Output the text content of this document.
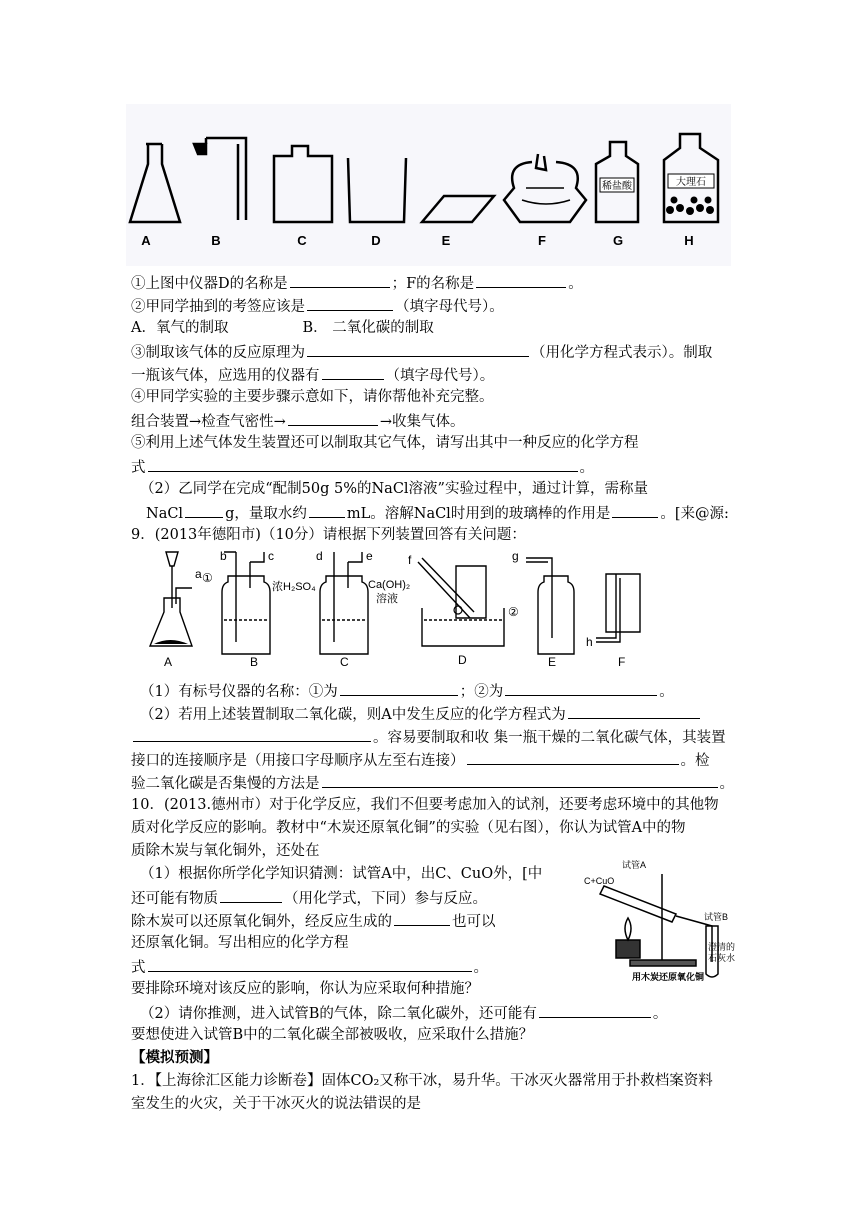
稀盐酸	大理石
A	B	C	D	E	F	G	H
①上图中仪器D的名称是	；F的名称是	。
②甲同学抽到的考签应该是	（填字母代号）。
A．氧气的制取	B． 二氧化碳的制取
③制取该气体的反应原理为	（用化学方程式表示）。制取
一瓶该气体，应选用的仪器有	（填字母代号）。
④甲同学实验的主要步骤示意如下，请你帮他补充完整。
组合装置→检查气密性→	→收集气体。
⑤利用上述气体发生装置还可以制取其它气体，请写出其中一种反应的化学方程
式	。
（2）乙同学在完成“配制50g 5%的NaCl溶液”实验过程中，通过计算，需称量
NaCl	g，量取水约	mL。溶解NaCl时用到的玻璃棒的作用是	。[来@源:
9．(2013年德阳市)（10分）请根据下列装置回答有关问题：
①
②
a
b	c	d	e	f	g
h
浓H₂SO₄	Ca(OH)₂
溶液
A	B	C	D	E	F
（1）有标号仪器的名称：①为	；②为	。
（2）若用上述装置制取二氧化碳，则A中发生反应的化学方程式为
。容易要制取和收 集一瓶干燥的二氧化碳气体，其装置
接口的连接顺序是（用接口字母顺序从左至右连接）	。检
验二氧化碳是否集慢的方法是	。
10．(2013.德州市）对于化学反应，我们不但要考虑加入的试剂，还要考虑环境中的其他物
质对化学反应的影响。教材中“木炭还原氧化铜”的实验（见右图），你认为试管A中的物
质除木炭与氧化铜外，还处在
（1）根据你所学化学知识猜测：试管A中，出C、CuO外，[中
还可能有物质	（用化学式，下同）参与反应。
除木炭可以还原氧化铜外，经反应生成的	也可以
还原氧化铜。写出相应的化学方程
式	。
要排除环境对该反应的影响，你认为应采取何种措施？
（2）请你推测，进入试管B的气体，除二氧化碳外，还可能有	。
要想使进入试管B中的二氧化碳全部被吸收，应采取什么措施？
C+CuO
试管A
试管B
澄清的
石灰水
用木炭还原氧化铜
【模拟预测】
1．【上海徐汇区能力诊断卷】固体CO₂又称干冰，易升华。干冰灭火器常用于扑救档案资料
室发生的火灾，关于干冰灭火的说法错误的是
